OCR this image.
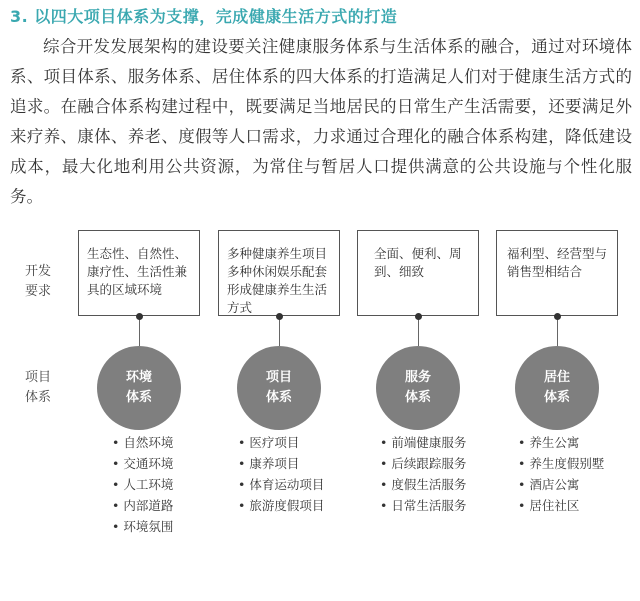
3. 以四大项目体系为支撑，完成健康生活方式的打造

综合开发发展架构的建设要关注健康服务体系与生活体系的融合，通过对环境体系、项目体系、服务体系、居住体系的四大体系的打造满足人们对于健康生活方式的追求。在融合体系构建过程中，既要满足当地居民的日常生产生活需要，还要满足外来疗养、康体、养老、度假等人口需求，力求通过合理化的融合体系构建，降低建设成本，最大化地利用公共资源，为常住与暂居人口提供满意的公共设施与个性化服务。

开发
要求
项目
体系
生态性、自然性、康疗性、生活性兼具的区域环境
环境
体系
• 自然环境
• 交通环境
• 人工环境
• 内部道路
• 环境氛围
多种健康养生项目多种休闲娱乐配套形成健康养生生活方式
项目
体系
• 医疗项目
• 康养项目
• 体育运动项目
• 旅游度假项目
全面、便利、周到、细致
服务
体系
• 前端健康服务
• 后续跟踪服务
• 度假生活服务
• 日常生活服务
福利型、经营型与销售型相结合
居住
体系
• 养生公寓
• 养生度假别墅
• 酒店公寓
• 居住社区
